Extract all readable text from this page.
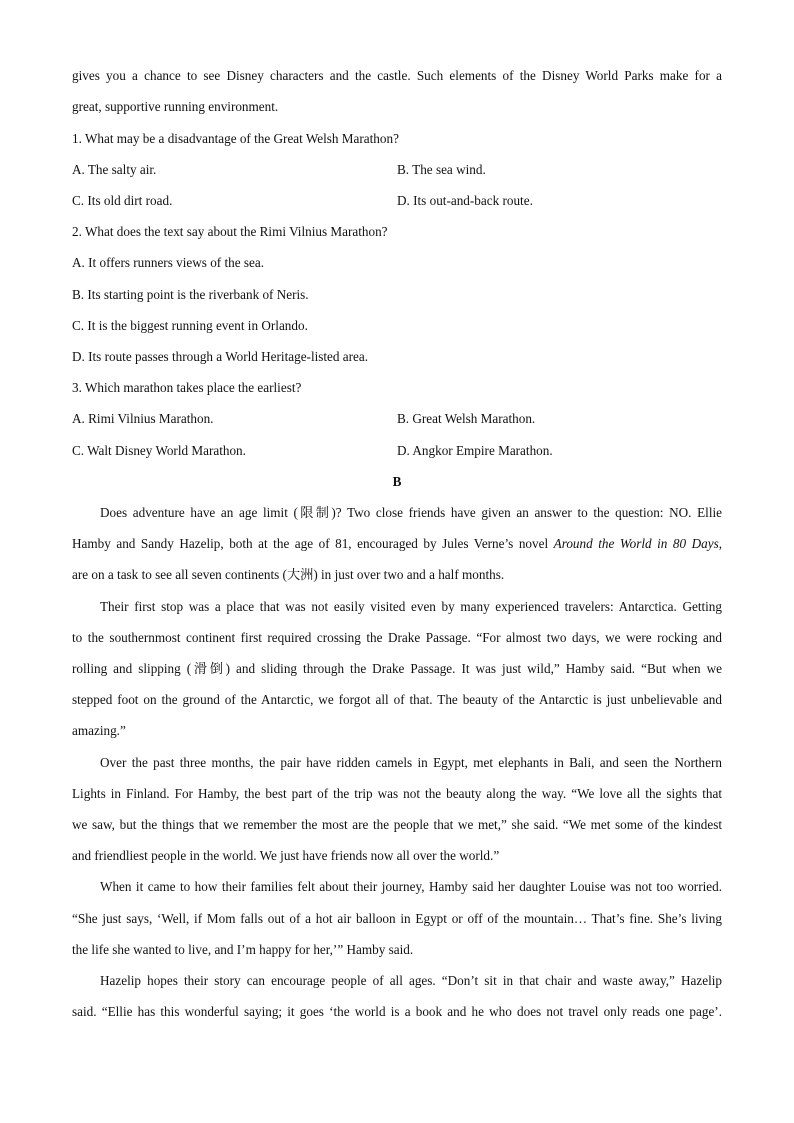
gives you a chance to see Disney characters and the castle. Such elements of the Disney World Parks make for a
great, supportive running environment.
1. What may be a disadvantage of the Great Welsh Marathon?
A. The salty air.	B. The sea wind.
C. Its old dirt road.	D. Its out-and-back route.
2. What does the text say about the Rimi Vilnius Marathon?
A. It offers runners views of the sea.
B. Its starting point is the riverbank of Neris.
C. It is the biggest running event in Orlando.
D. Its route passes through a World Heritage-listed area.
3. Which marathon takes place the earliest?
A. Rimi Vilnius Marathon.	B. Great Welsh Marathon.
C. Walt Disney World Marathon.	D. Angkor Empire Marathon.
B
Does adventure have an age limit (限制)? Two close friends have given an answer to the question: NO. Ellie
Hamby and Sandy Hazelip, both at the age of 81, encouraged by Jules Verne’s novel Around the World in 80 Days,
are on a task to see all seven continents (大洲) in just over two and a half months.
Their first stop was a place that was not easily visited even by many experienced travelers: Antarctica. Getting
to the southernmost continent first required crossing the Drake Passage. “For almost two days, we were rocking and
rolling and slipping (滑倒) and sliding through the Drake Passage. It was just wild,” Hamby said. “But when we
stepped foot on the ground of the Antarctic, we forgot all of that. The beauty of the Antarctic is just unbelievable and
amazing.”
Over the past three months, the pair have ridden camels in Egypt, met elephants in Bali, and seen the Northern
Lights in Finland. For Hamby, the best part of the trip was not the beauty along the way. “We love all the sights that
we saw, but the things that we remember the most are the people that we met,” she said. “We met some of the kindest
and friendliest people in the world. We just have friends now all over the world.”
When it came to how their families felt about their journey, Hamby said her daughter Louise was not too worried.
“She just says, ‘Well, if Mom falls out of a hot air balloon in Egypt or off of the mountain… That’s fine. She’s living
the life she wanted to live, and I’m happy for her,’” Hamby said.
Hazelip hopes their story can encourage people of all ages. “Don’t sit in that chair and waste away,” Hazelip
said. “Ellie has this wonderful saying; it goes ‘the world is a book and he who does not travel only reads one page’.
